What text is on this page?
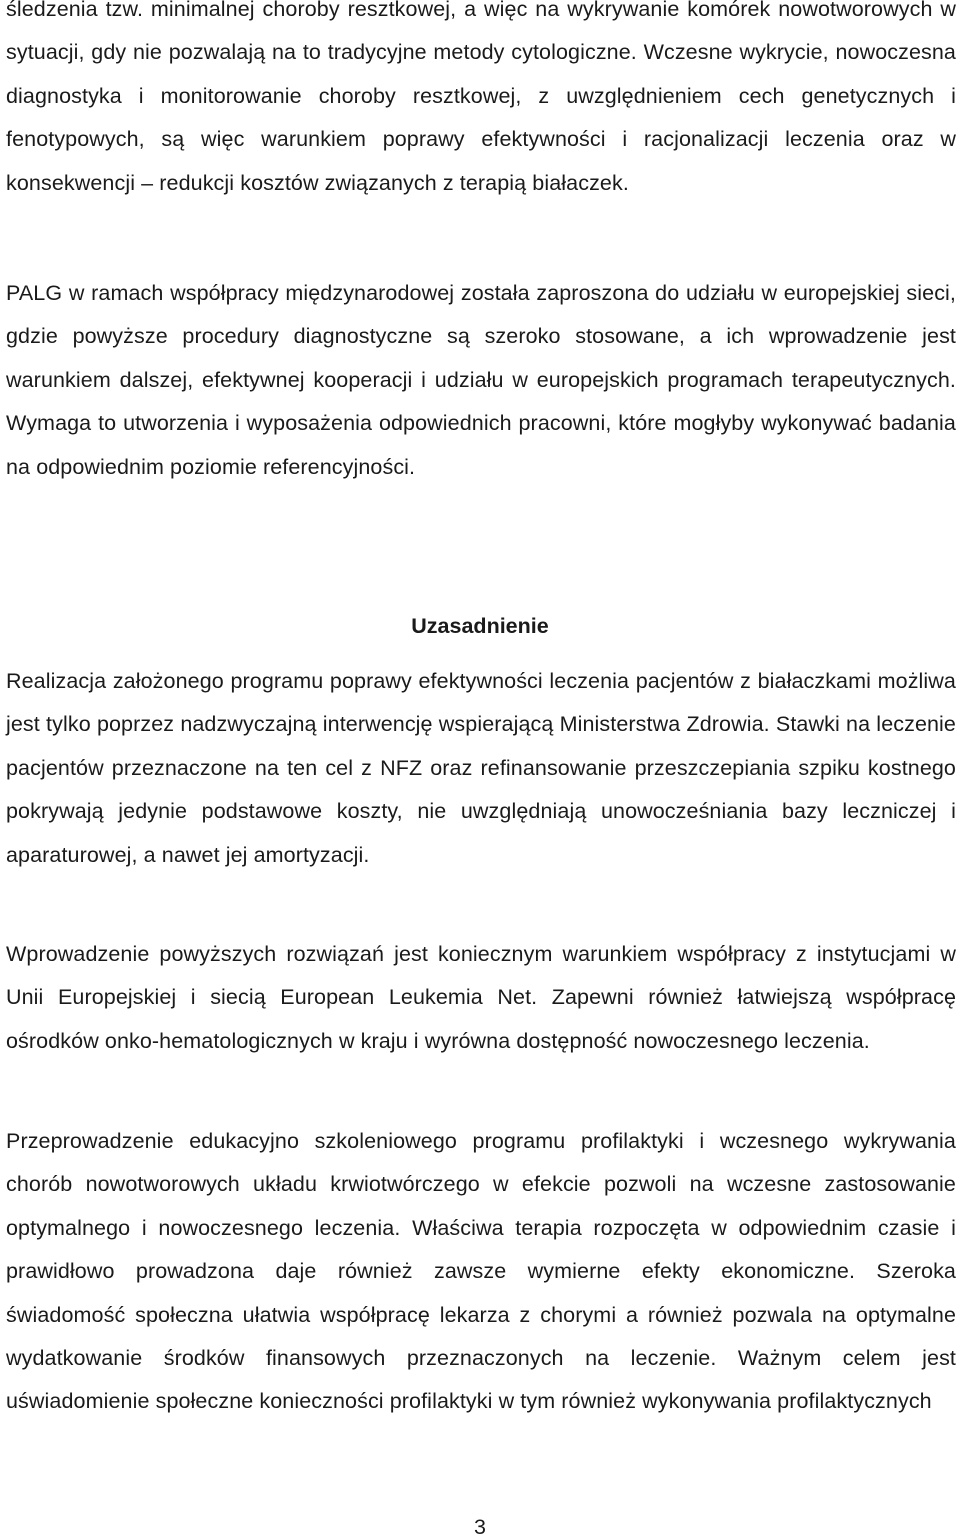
śledzenia tzw. minimalnej choroby resztkowej, a więc na wykrywanie komórek nowotworowych w sytuacji, gdy nie pozwalają na to tradycyjne metody cytologiczne. Wczesne wykrycie, nowoczesna diagnostyka i monitorowanie choroby resztkowej, z uwzględnieniem cech genetycznych i fenotypowych, są więc warunkiem poprawy efektywności i racjonalizacji leczenia oraz w konsekwencji – redukcji kosztów związanych z terapią białaczek.

PALG w ramach współpracy międzynarodowej została zaproszona do udziału w europejskiej sieci, gdzie powyższe procedury diagnostyczne są szeroko stosowane, a ich wprowadzenie jest warunkiem dalszej, efektywnej kooperacji i udziału w europejskich programach terapeutycznych. Wymaga to utworzenia i wyposażenia odpowiednich pracowni, które mogłyby wykonywać badania na odpowiednim poziomie referencyjności.

Uzasadnienie

Realizacja założonego programu poprawy efektywności leczenia pacjentów z białaczkami możliwa jest tylko poprzez nadzwyczajną interwencję wspierającą Ministerstwa Zdrowia. Stawki na leczenie pacjentów przeznaczone na ten cel z NFZ oraz refinansowanie przeszczepiania szpiku kostnego pokrywają jedynie podstawowe koszty, nie uwzględniają unowocześniania bazy leczniczej i aparaturowej, a nawet jej amortyzacji.

Wprowadzenie powyższych rozwiązań jest koniecznym warunkiem współpracy z instytucjami w Unii Europejskiej i siecią European Leukemia Net. Zapewni również łatwiejszą współpracę ośrodków onko-hematologicznych w kraju i wyrówna dostępność nowoczesnego leczenia.

Przeprowadzenie edukacyjno szkoleniowego programu profilaktyki i wczesnego wykrywania chorób nowotworowych układu krwiotwórczego w efekcie pozwoli na wczesne zastosowanie optymalnego i nowoczesnego leczenia. Właściwa terapia rozpoczęta w odpowiednim czasie i prawidłowo prowadzona daje również zawsze wymierne efekty ekonomiczne. Szeroka świadomość społeczna ułatwia współpracę lekarza z chorymi a również pozwala na optymalne wydatkowanie środków finansowych przeznaczonych na leczenie. Ważnym celem jest uświadomienie społeczne konieczności profilaktyki w tym również wykonywania profilaktycznych

3
